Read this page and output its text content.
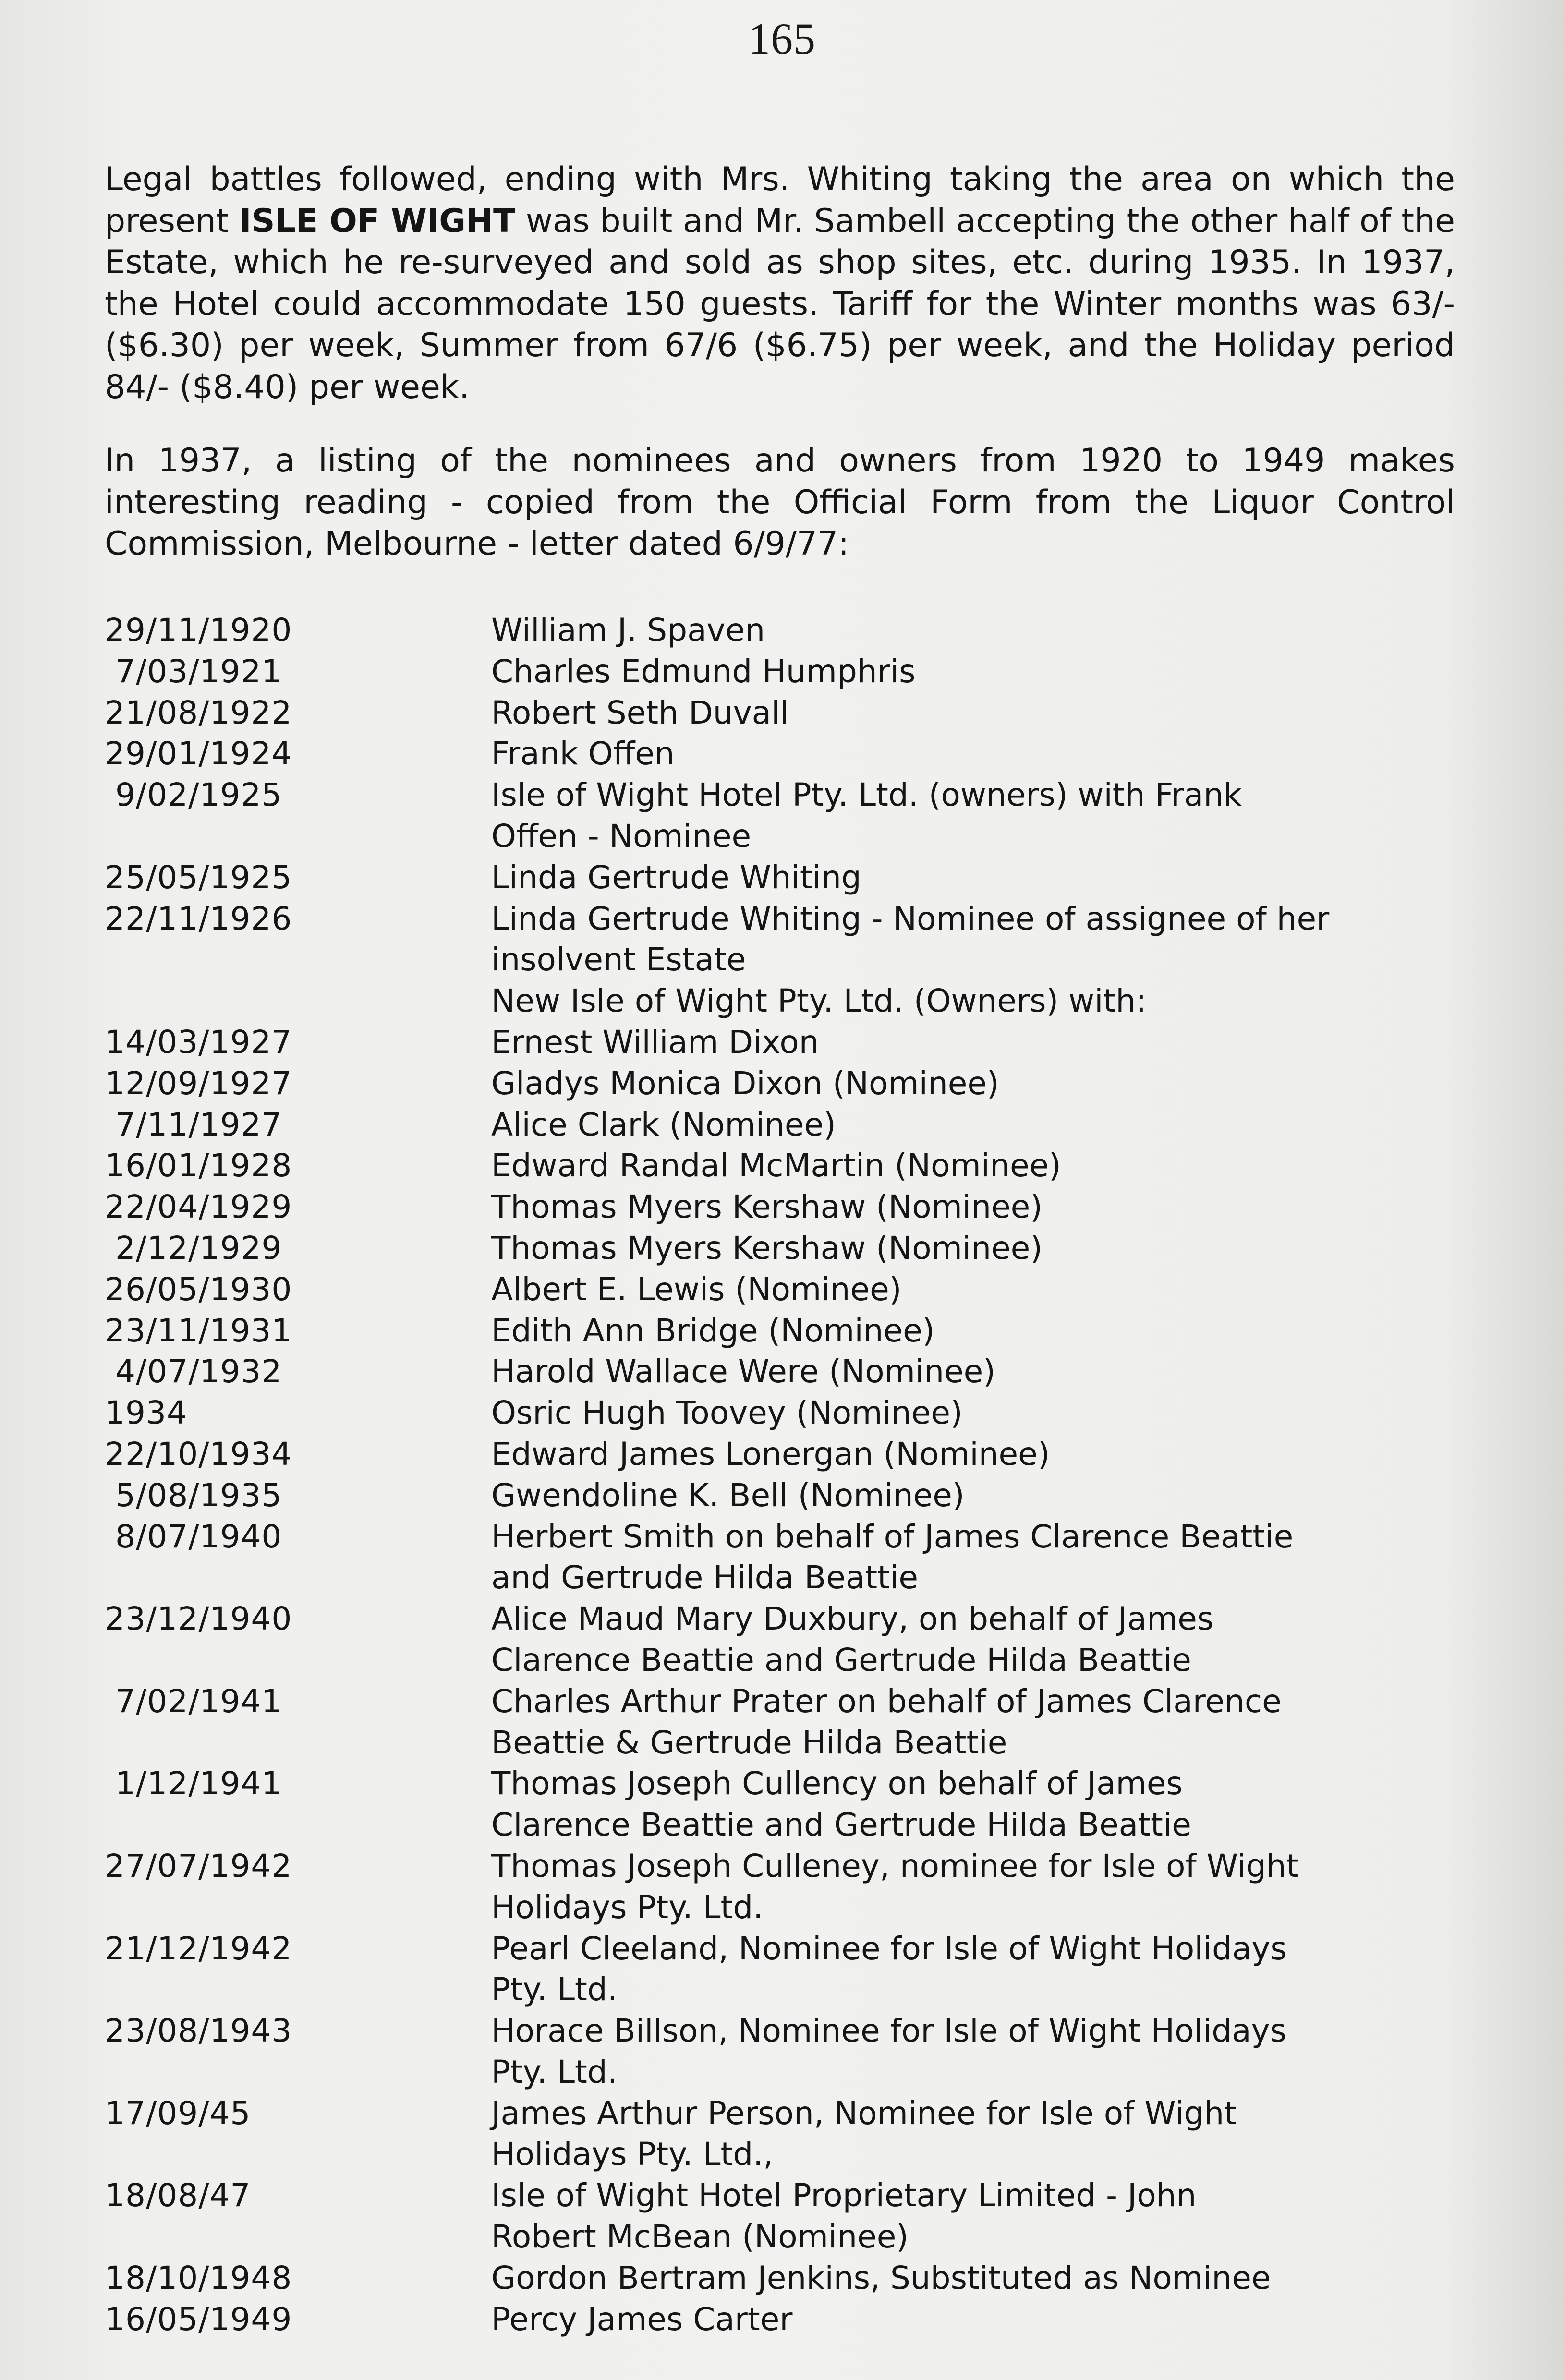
165

Legal battles followed, ending with Mrs. Whiting taking the area on which the present ISLE OF WIGHT was built and Mr. Sambell accepting the other half of the Estate, which he re-surveyed and sold as shop sites, etc. during 1935. In 1937, the Hotel could accommodate 150 guests. Tariff for the Winter months was 63/- ($6.30) per week, Summer from 67/6 ($6.75) per week, and the Holiday period 84/- ($8.40) per week.

In 1937, a listing of the nominees and owners from 1920 to 1949 makes interesting reading - copied from the Official Form from the Liquor Control Commission, Melbourne - letter dated 6/9/77:

29/11/1920	William J. Spaven
7/03/1921	Charles Edmund Humphris
21/08/1922	Robert Seth Duvall
29/01/1924	Frank Offen
9/02/1925	Isle of Wight Hotel Pty. Ltd. (owners) with Frank
Offen - Nominee
25/05/1925	Linda Gertrude Whiting
22/11/1926	Linda Gertrude Whiting - Nominee of assignee of her
insolvent Estate
New Isle of Wight Pty. Ltd. (Owners) with:
14/03/1927	Ernest William Dixon
12/09/1927	Gladys Monica Dixon (Nominee)
7/11/1927	Alice Clark (Nominee)
16/01/1928	Edward Randal McMartin (Nominee)
22/04/1929	Thomas Myers Kershaw (Nominee)
2/12/1929	Thomas Myers Kershaw (Nominee)
26/05/1930	Albert E. Lewis (Nominee)
23/11/1931	Edith Ann Bridge (Nominee)
4/07/1932	Harold Wallace Were (Nominee)
1934	Osric Hugh Toovey (Nominee)
22/10/1934	Edward James Lonergan (Nominee)
5/08/1935	Gwendoline K. Bell (Nominee)
8/07/1940	Herbert Smith on behalf of James Clarence Beattie
and Gertrude Hilda Beattie
23/12/1940	Alice Maud Mary Duxbury, on behalf of James
Clarence Beattie and Gertrude Hilda Beattie
7/02/1941	Charles Arthur Prater on behalf of James Clarence
Beattie & Gertrude Hilda Beattie
1/12/1941	Thomas Joseph Cullency on behalf of James
Clarence Beattie and Gertrude Hilda Beattie
27/07/1942	Thomas Joseph Culleney, nominee for Isle of Wight
Holidays Pty. Ltd.
21/12/1942	Pearl Cleeland, Nominee for Isle of Wight Holidays
Pty. Ltd.
23/08/1943	Horace Billson, Nominee for Isle of Wight Holidays
Pty. Ltd.
17/09/45	James Arthur Person, Nominee for Isle of Wight
Holidays Pty. Ltd.,
18/08/47	Isle of Wight Hotel Proprietary Limited - John
Robert McBean (Nominee)
18/10/1948	Gordon Bertram Jenkins, Substituted as Nominee
16/05/1949	Percy James Carter
